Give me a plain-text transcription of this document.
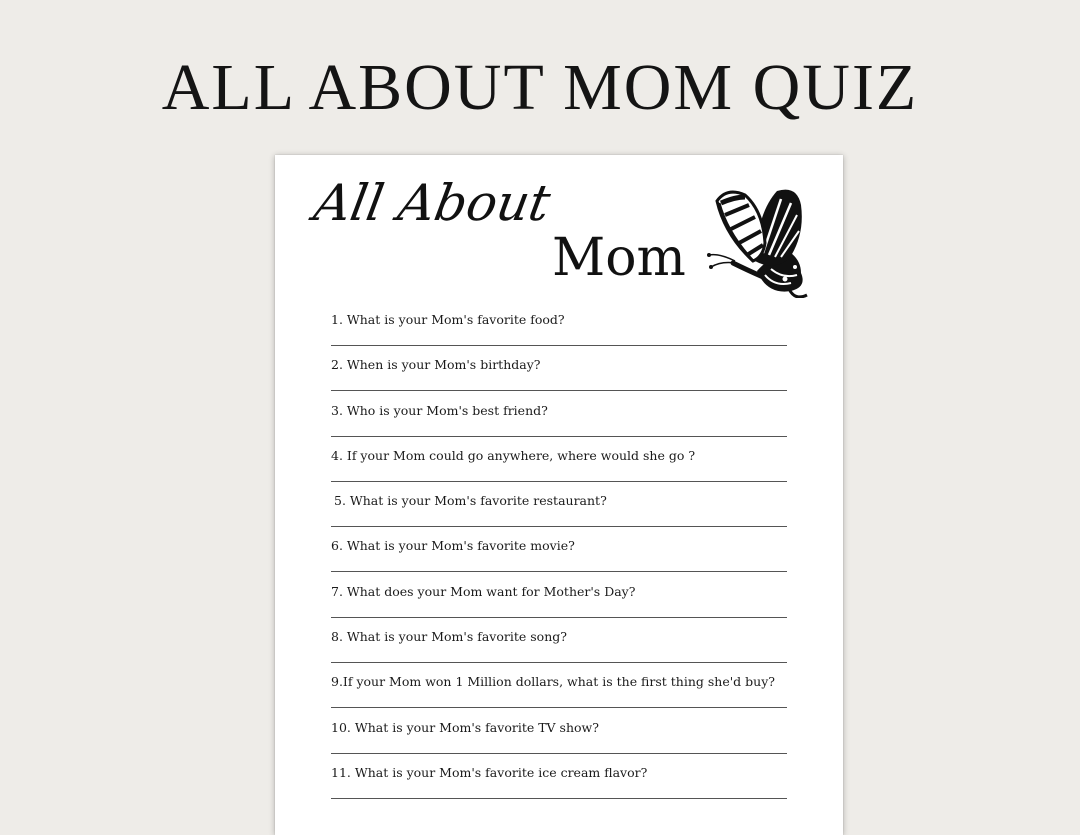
ALL ABOUT MOM QUIZ
All About
Mom
1. What is your Mom's favorite food?
2. When is your Mom's birthday?
3. Who is your Mom's best friend?
4. If your Mom could go anywhere, where would she go ?
5. What is your Mom's favorite restaurant?
6. What is your Mom's favorite movie?
7. What does your Mom want for Mother's Day?
8. What is your Mom's favorite song?
9.If your Mom won 1 Million dollars, what is the first thing she'd buy?
10. What is your Mom's favorite TV show?
11. What is your Mom's favorite ice cream flavor?
